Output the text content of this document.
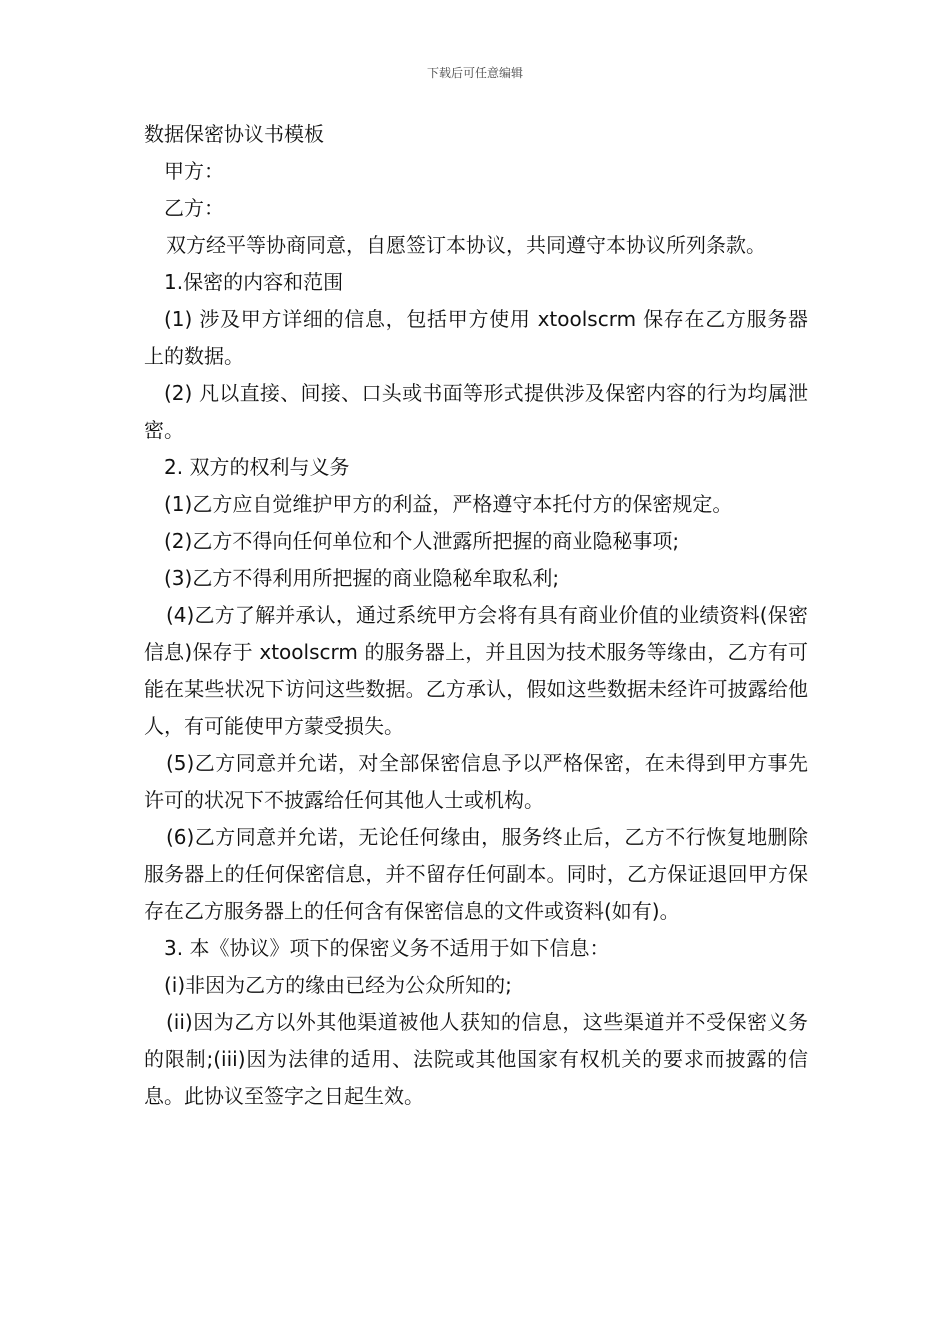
下载后可任意编辑

数据保密协议书模板

甲方：

乙方：

双方经平等协商同意，自愿签订本协议，共同遵守本协议所列条款。

1.保密的内容和范围

(1) 涉及甲方详细的信息，包括甲方使用 xtoolscrm 保存在乙方服务器上的数据。

(2) 凡以直接、间接、口头或书面等形式提供涉及保密内容的行为均属泄密。

2. 双方的权利与义务

(1)乙方应自觉维护甲方的利益，严格遵守本托付方的保密规定。

(2)乙方不得向任何单位和个人泄露所把握的商业隐秘事项;

(3)乙方不得利用所把握的商业隐秘牟取私利;

(4)乙方了解并承认，通过系统甲方会将有具有商业价值的业绩资料(保密信息)保存于 xtoolscrm 的服务器上，并且因为技术服务等缘由，乙方有可能在某些状况下访问这些数据。乙方承认，假如这些数据未经许可披露给他人，有可能使甲方蒙受损失。

(5)乙方同意并允诺，对全部保密信息予以严格保密，在未得到甲方事先许可的状况下不披露给任何其他人士或机构。

(6)乙方同意并允诺，无论任何缘由，服务终止后，乙方不行恢复地删除服务器上的任何保密信息，并不留存任何副本。同时，乙方保证退回甲方保存在乙方服务器上的任何含有保密信息的文件或资料(如有)。

3. 本《协议》项下的保密义务不适用于如下信息：

(i)非因为乙方的缘由已经为公众所知的;

(ii)因为乙方以外其他渠道被他人获知的信息，这些渠道并不受保密义务的限制;(iii)因为法律的适用、法院或其他国家有权机关的要求而披露的信息。此协议至签字之日起生效。
